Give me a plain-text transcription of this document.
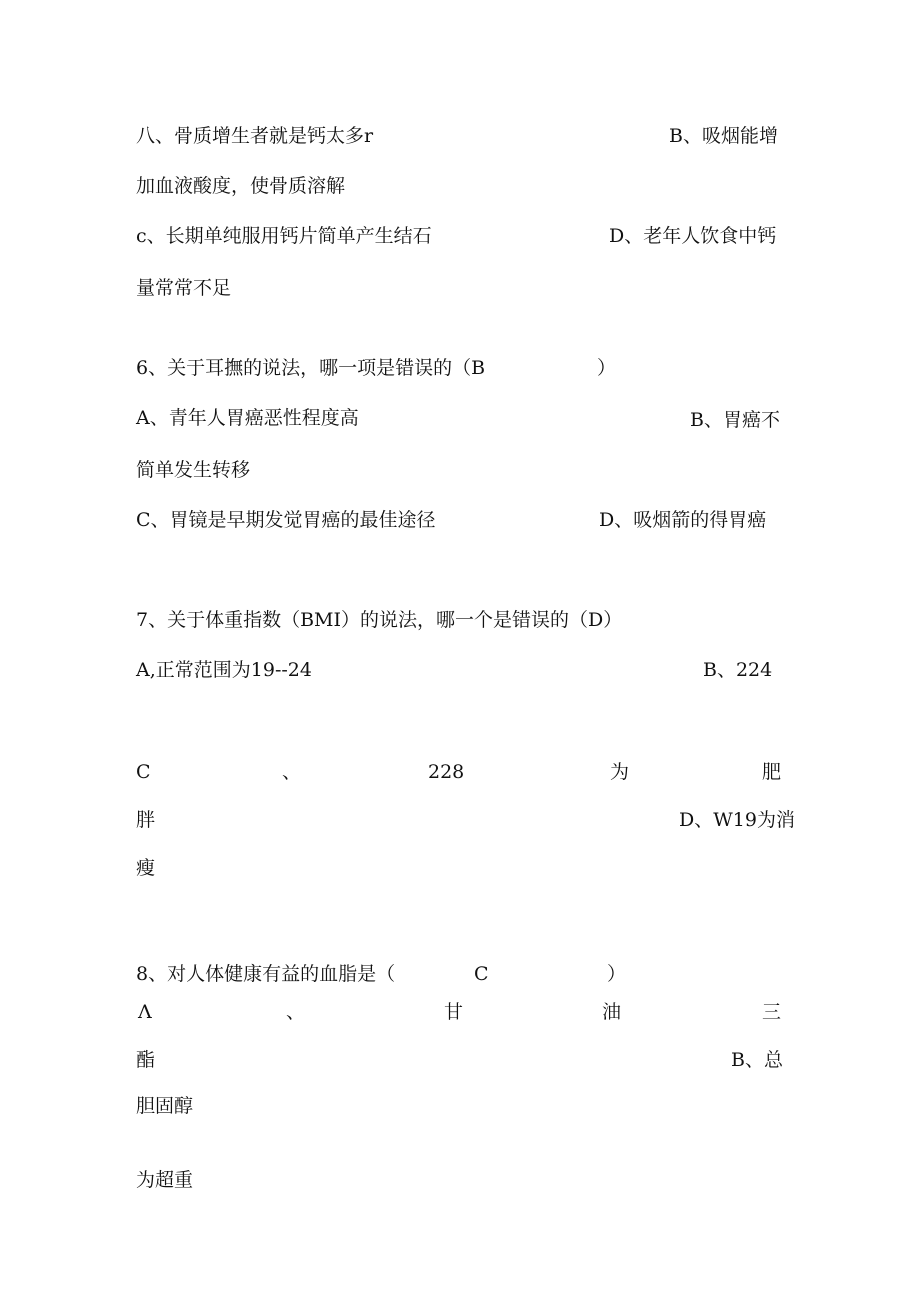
八、骨质增生者就是钙太多r	B、吸烟能增
加血液酸度，使骨质溶解
c、长期单纯服用钙片简单产生结石	D、老年人饮食中钙
量常常不足
6、关于耳撫的说法，哪一项是错误的（B	）
A、青年人胃癌恶性程度高	B、胃癌不
简单发生转移
C、胃镜是早期发觉胃癌的最佳途径	D、吸烟箭的得胃癌
7、关于体重指数（BMI）的说法，哪一个是错误的（D）
A,正常范围为19--24	B、224
C	、	228	为	肥
胖	D、W19为消
瘦
8、对人体健康有益的血脂是（	C	）
Λ	、	甘	油	三
酯	B、总
胆固醇
为超重
